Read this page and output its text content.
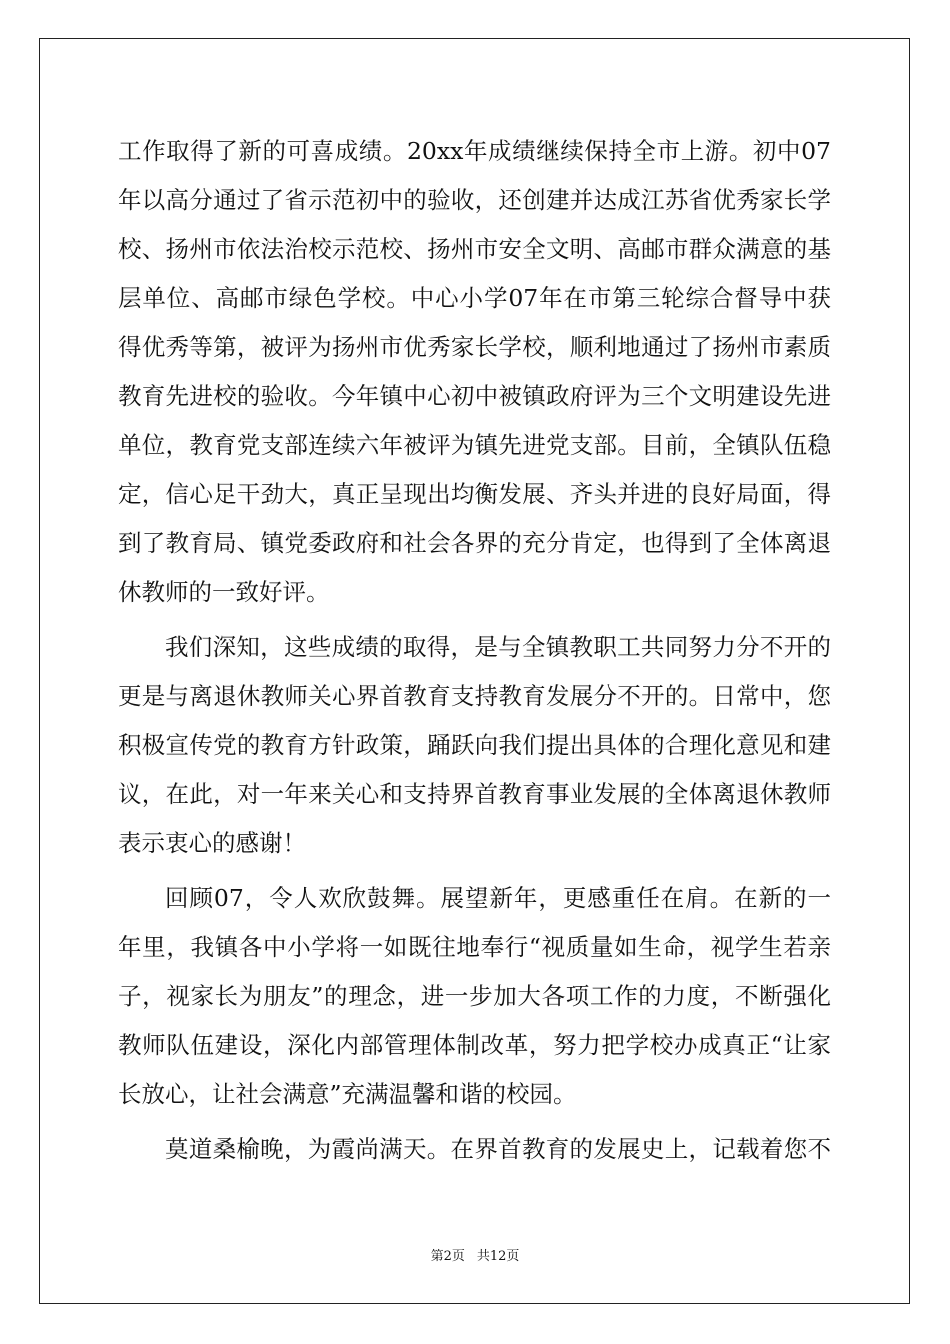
工作取得了新的可喜成绩。20xx年成绩继续保持全市上游。初中07
年以高分通过了省示范初中的验收，还创建并达成江苏省优秀家长学
校、扬州市依法治校示范校、扬州市安全文明、高邮市群众满意的基
层单位、高邮市绿色学校。中心小学07年在市第三轮综合督导中获
得优秀等第，被评为扬州市优秀家长学校，顺利地通过了扬州市素质
教育先进校的验收。今年镇中心初中被镇政府评为三个文明建设先进
单位，教育党支部连续六年被评为镇先进党支部。目前，全镇队伍稳
定，信心足干劲大，真正呈现出均衡发展、齐头并进的良好局面，得
到了教育局、镇党委政府和社会各界的充分肯定，也得到了全体离退
休教师的一致好评。
我们深知，这些成绩的取得，是与全镇教职工共同努力分不开的
更是与离退休教师关心界首教育支持教育发展分不开的。日常中，您
积极宣传党的教育方针政策，踊跃向我们提出具体的合理化意见和建
议，在此，对一年来关心和支持界首教育事业发展的全体离退休教师
表示衷心的感谢！
回顾07，令人欢欣鼓舞。展望新年，更感重任在肩。在新的一
年里，我镇各中小学将一如既往地奉行“视质量如生命，视学生若亲
子，视家长为朋友”的理念，进一步加大各项工作的力度，不断强化
教师队伍建设，深化内部管理体制改革，努力把学校办成真正“让家
长放心，让社会满意”充满温馨和谐的校园。
莫道桑榆晚，为霞尚满天。在界首教育的发展史上，记载着您不
第2页 共12页
